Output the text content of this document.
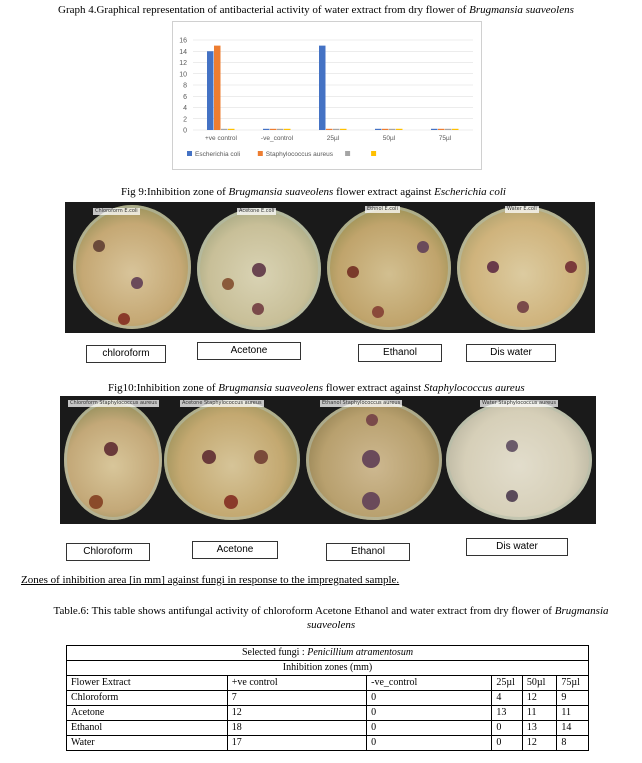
Graph 4.Graphical representation of antibacterial activity of water extract from dry flower of Brugmansia suaveolens
0
2
4
6
8
10
12
14
16
+ve control	-ve_control	25µl	50µl	75µl
Escherichia coli	Staphylococcus aureus
Fig 9:Inhibition zone of Brugmansia suaveolens flower extract against Escherichia coli
Chloroform E.coli	Acetone E.coli	Ethnol E.coli	Water E.coli
chloroform	Acetone	Ethanol	Dis water
Fig10:Inhibition zone of Brugmansia suaveolens flower extract against Staphylococcus aureus
Chloroform Staphylococcus aureus	Acetone Staphylococcus aureus	Ethanol Staphylococcus aureus	Water Staphylococcus aureus
Chloroform	Acetone	Ethanol	Dis water
Zones of inhibition area [in mm] against fungi in response to the impregnated sample.
Table.6: This table shows antifungal activity of chloroform Acetone Ethanol and water extract from dry flower of Brugmansia suaveolens
Selected fungi : Penicillium atramentosum					
Inhibition zones (mm)					
Flower Extract	+ve control	-ve_control	25µl	50µl	75µl
Chloroform	7	0	4	12	9
Acetone	12	0	13	11	11
Ethanol	18	0	0	13	14
Water	17	0	0	12	8
